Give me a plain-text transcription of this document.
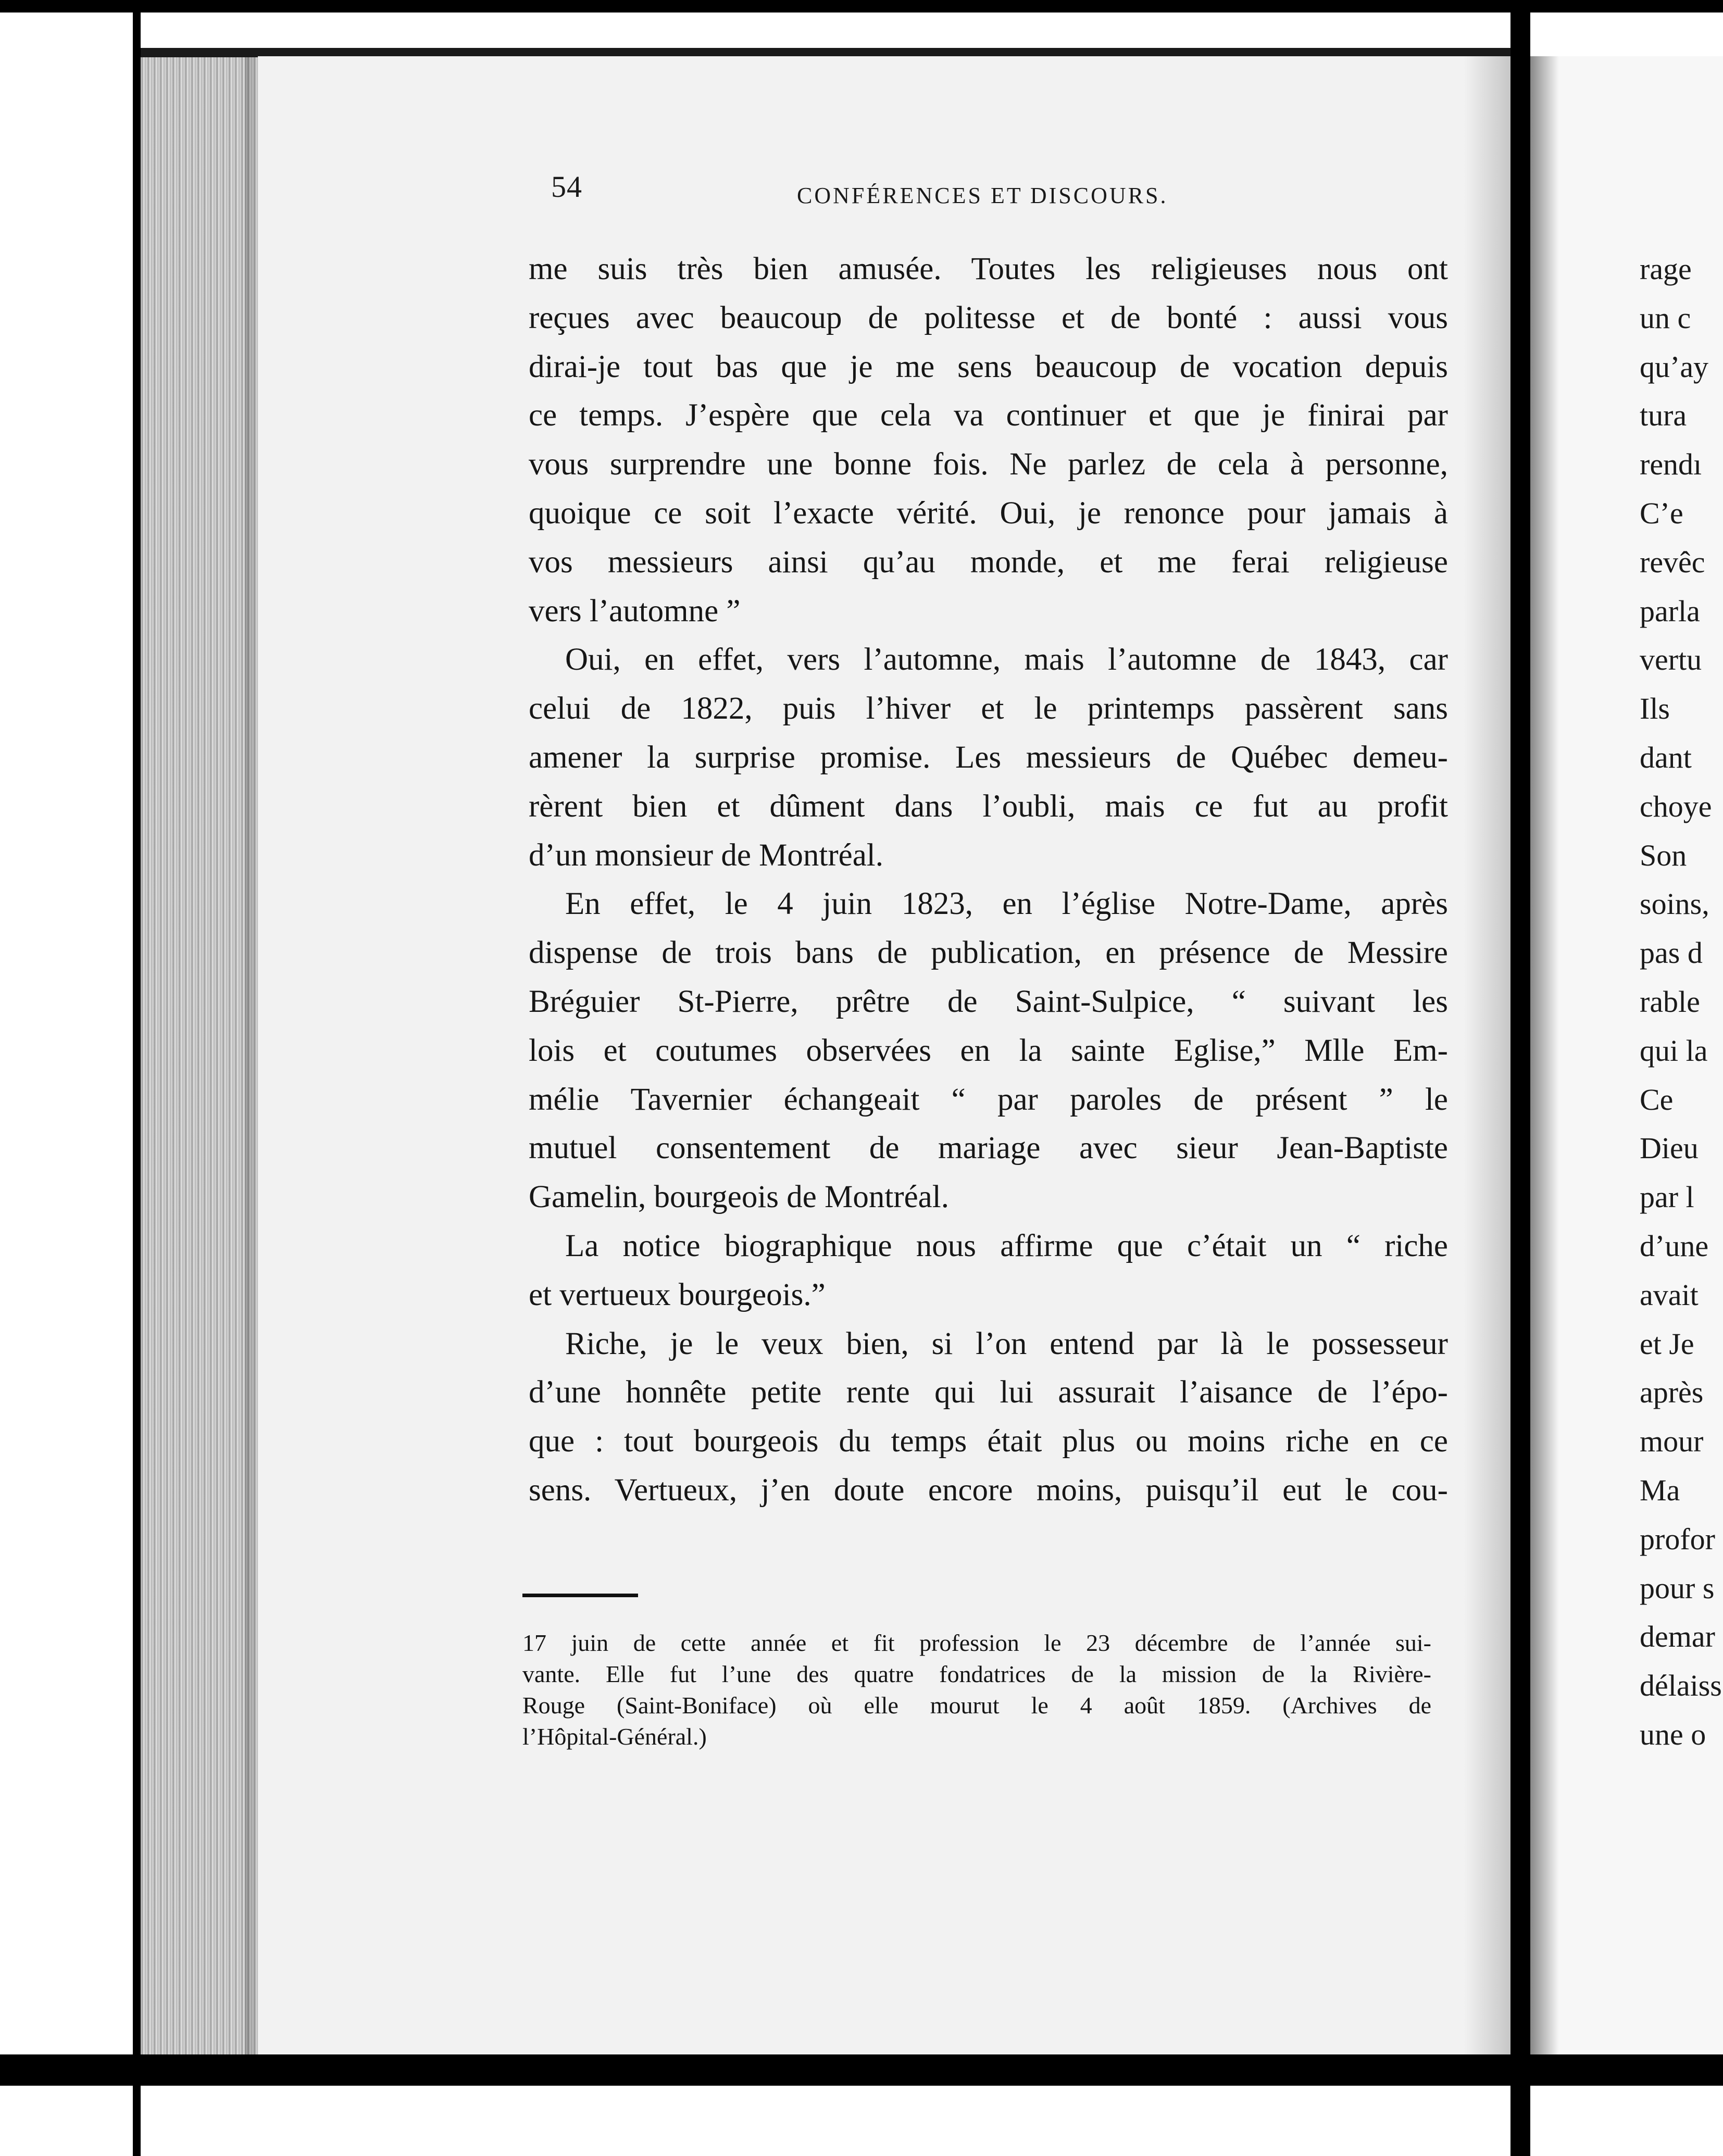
54	CONFÉRENCES ET DISCOURS.
me suis très bien amusée. Toutes les religieuses nous ont
reçues avec beaucoup de politesse et de bonté : aussi vous
dirai-je tout bas que je me sens beaucoup de vocation depuis
ce temps. J’espère que cela va continuer et que je finirai par
vous surprendre une bonne fois. Ne parlez de cela à personne,
quoique ce soit l’exacte vérité. Oui, je renonce pour jamais à
vos messieurs ainsi qu’au monde, et me ferai religieuse
vers l’automne ”
Oui, en effet, vers l’automne, mais l’automne de 1843, car
celui de 1822, puis l’hiver et le printemps passèrent sans
amener la surprise promise. Les messieurs de Québec demeu-
rèrent bien et dûment dans l’oubli, mais ce fut au profit
d’un monsieur de Montréal.
En effet, le 4 juin 1823, en l’église Notre-Dame, après
dispense de trois bans de publication, en présence de Messire
Bréguier St-Pierre, prêtre de Saint-Sulpice, “ suivant les
lois et coutumes observées en la sainte Eglise,” Mlle Em-
mélie Tavernier échangeait “ par paroles de présent ” le
mutuel consentement de mariage avec sieur Jean-Baptiste
Gamelin, bourgeois de Montréal.
La notice biographique nous affirme que c’était un “ riche
et vertueux bourgeois.”
Riche, je le veux bien, si l’on entend par là le possesseur
d’une honnête petite rente qui lui assurait l’aisance de l’épo-
que : tout bourgeois du temps était plus ou moins riche en ce
sens. Vertueux, j’en doute encore moins, puisqu’il eut le cou-
17 juin de cette année et fit profession le 23 décembre de l’année sui-
vante. Elle fut l’une des quatre fondatrices de la mission de la Rivière-
Rouge (Saint-Boniface) où elle mourut le 4 août 1859. (Archives de
l’Hôpital-Général.)
rage
un c
qu’ay
tura
rendı
C’e
revêc
parla
vertu
Ils
dant
choye
Son
soins,
pas d
rable
qui la
Ce
Dieu
par l
d’une
avait
et Je
après
mour
Ma
profor
pour s
demar
délaiss
une o
